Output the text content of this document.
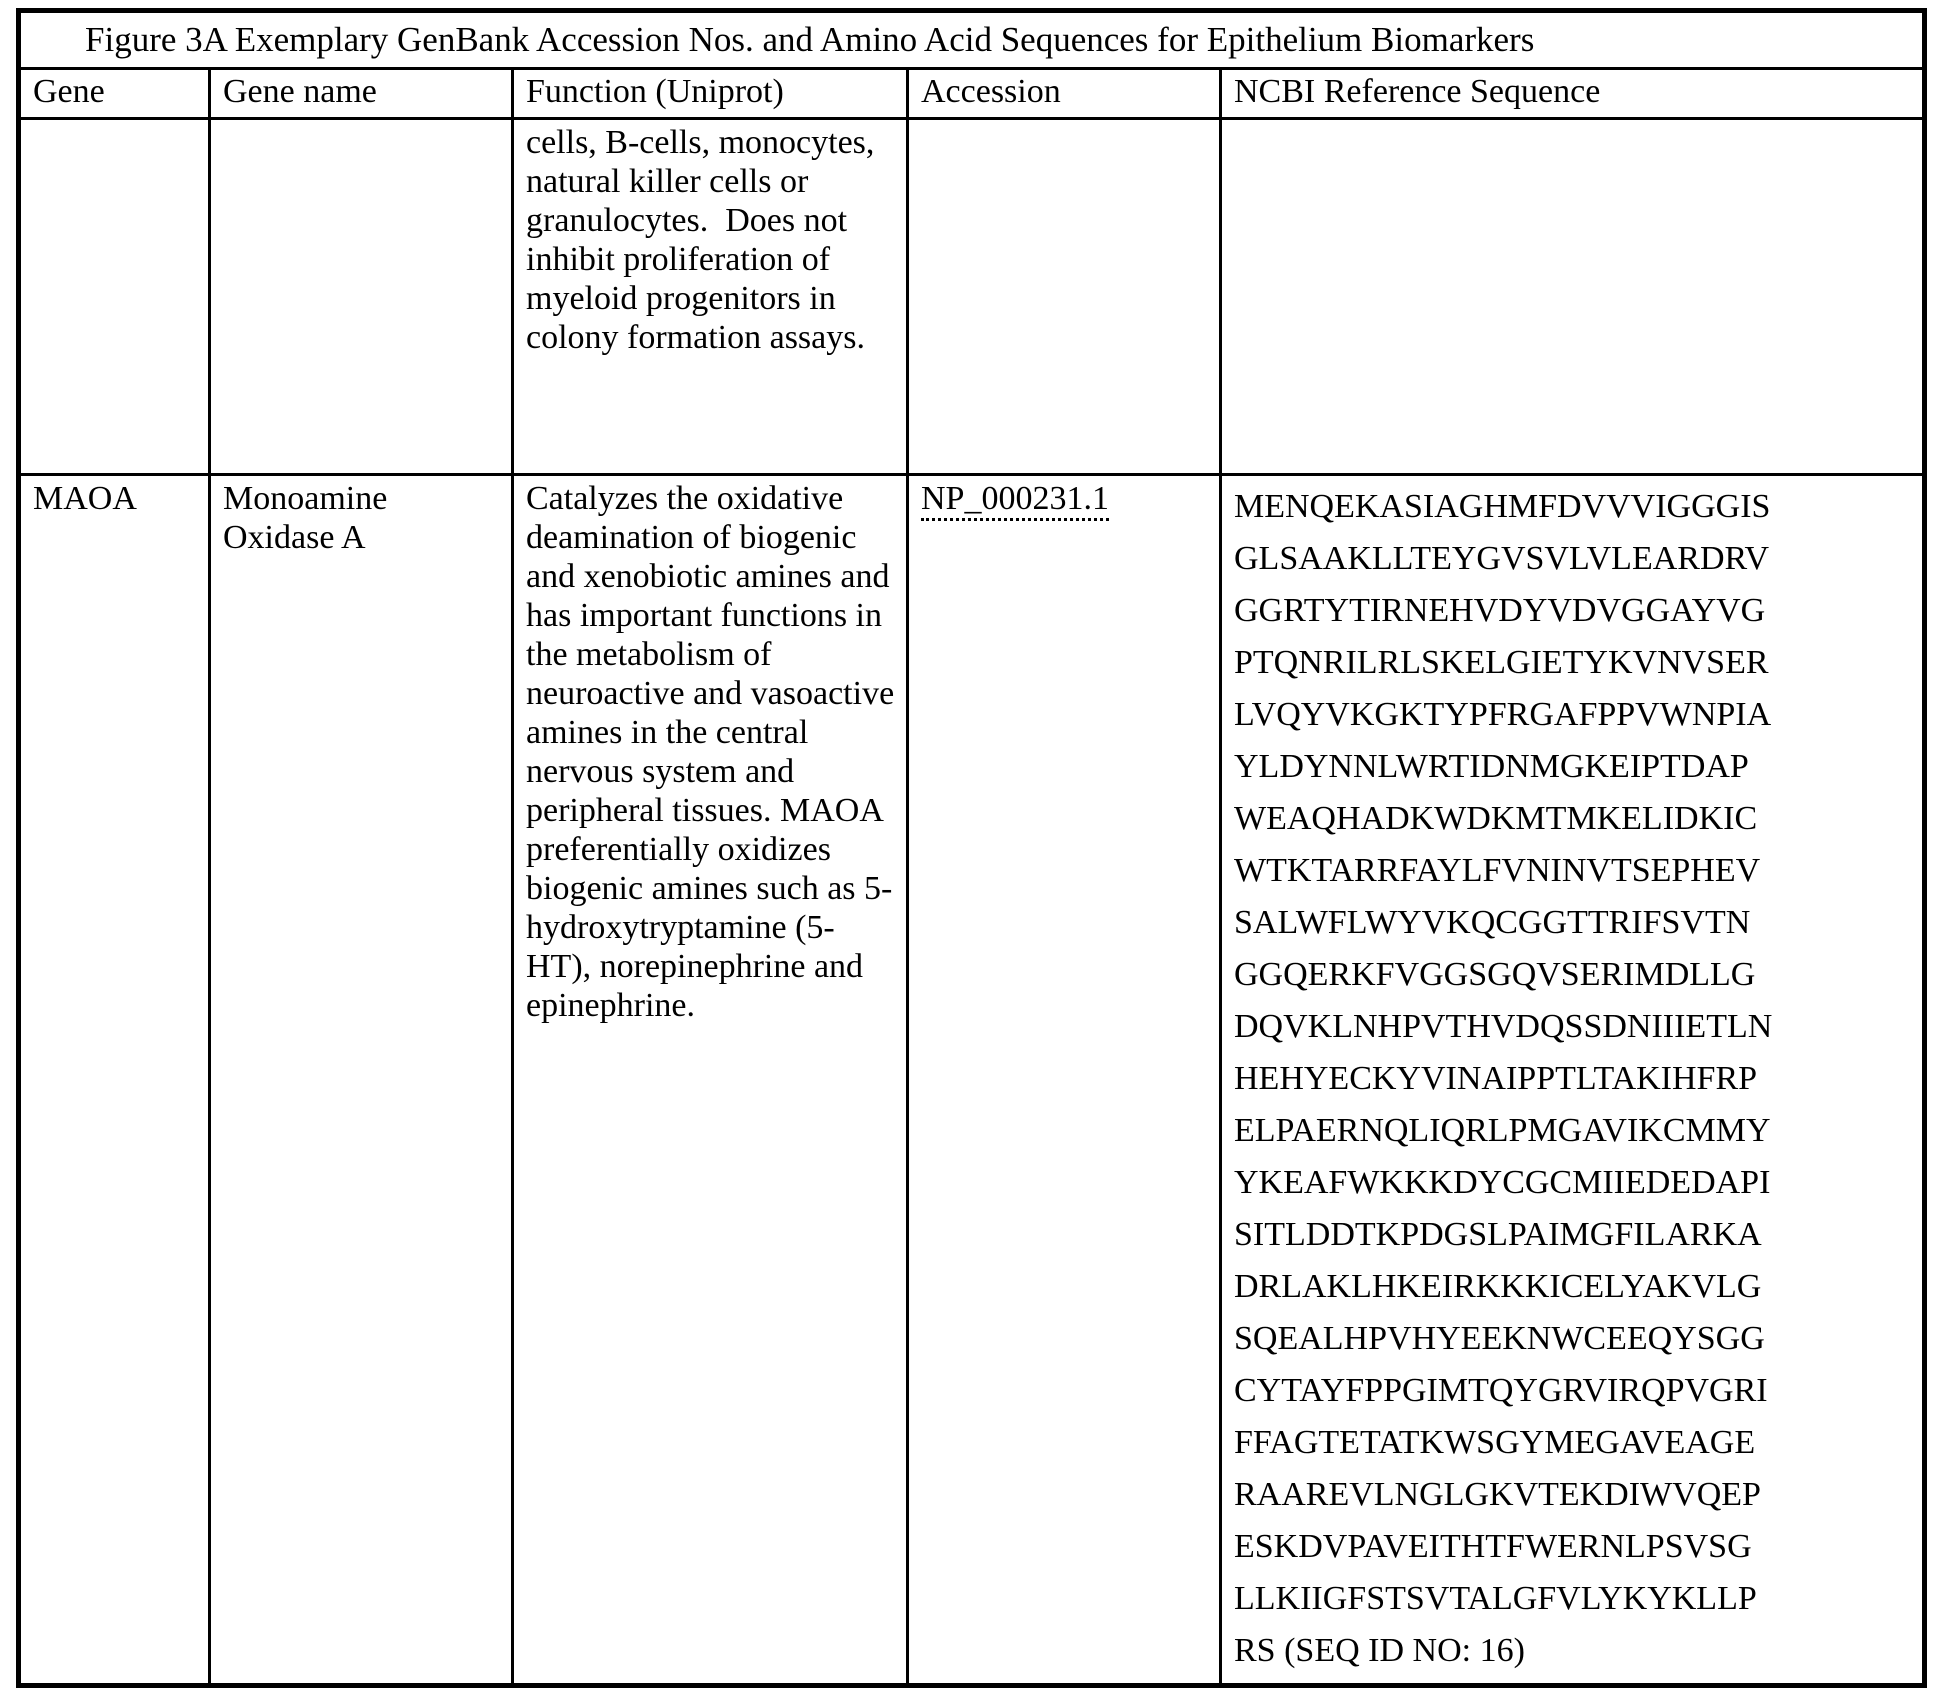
Figure 3A Exemplary GenBank Accession Nos. and Amino Acid Sequences for Epithelium Biomarkers				
Gene	Gene name	Function (Uniprot)	Accession	NCBI Reference Sequence
		cells, B-cells, monocytes, natural killer cells or granulocytes.  Does not inhibit proliferation of myeloid progenitors in colony formation assays.		
MAOA	Monoamine Oxidase A	Catalyzes the oxidative deamination of biogenic and xenobiotic amines and has important functions in the metabolism of neuroactive and vasoactive amines in the central nervous system and peripheral tissues. MAOA preferentially oxidizes biogenic amines such as 5-hydroxytryptamine (5-HT), norepinephrine and epinephrine.	NP_000231.1	MENQEKASIAGHMFDVVVIGGGIS
GLSAAKLLTEYGVSVLVLEARDRV
GGRTYTIRNEHVDYVDVGGAYVG
PTQNRILRLSKELGIETYKVNVSER
LVQYVKGKTYPFRGAFPPVWNPIA
YLDYNNLWRTIDNMGKEIPTDAP
WEAQHADKWDKMTMKELIDKIC
WTKTARRFAYLFVNINVTSEPHEV
SALWFLWYVKQCGGTTRIFSVTN
GGQERKFVGGSGQVSERIMDLLG
DQVKLNHPVTHVDQSSDNIIIETLN
HEHYECKYVINAIPPTLTAKIHFRP
ELPAERNQLIQRLPMGAVIKCMMY
YKEAFWKKKDYCGCMIIEDEDAPI
SITLDDTKPDGSLPAIMGFILARKA
DRLAKLHKEIRKKKICELYAKVLG
SQEALHPVHYEEKNWCEEQYSGG
CYTAYFPPGIMTQYGRVIRQPVGRI
FFAGTETATKWSGYMEGAVEAGE
RAAREVLNGLGKVTEKDIWVQEP
ESKDVPAVEITHTFWERNLPSVSG
LLKIIGFSTSVTALGFVLYKYKLLP
RS (SEQ ID NO: 16)
